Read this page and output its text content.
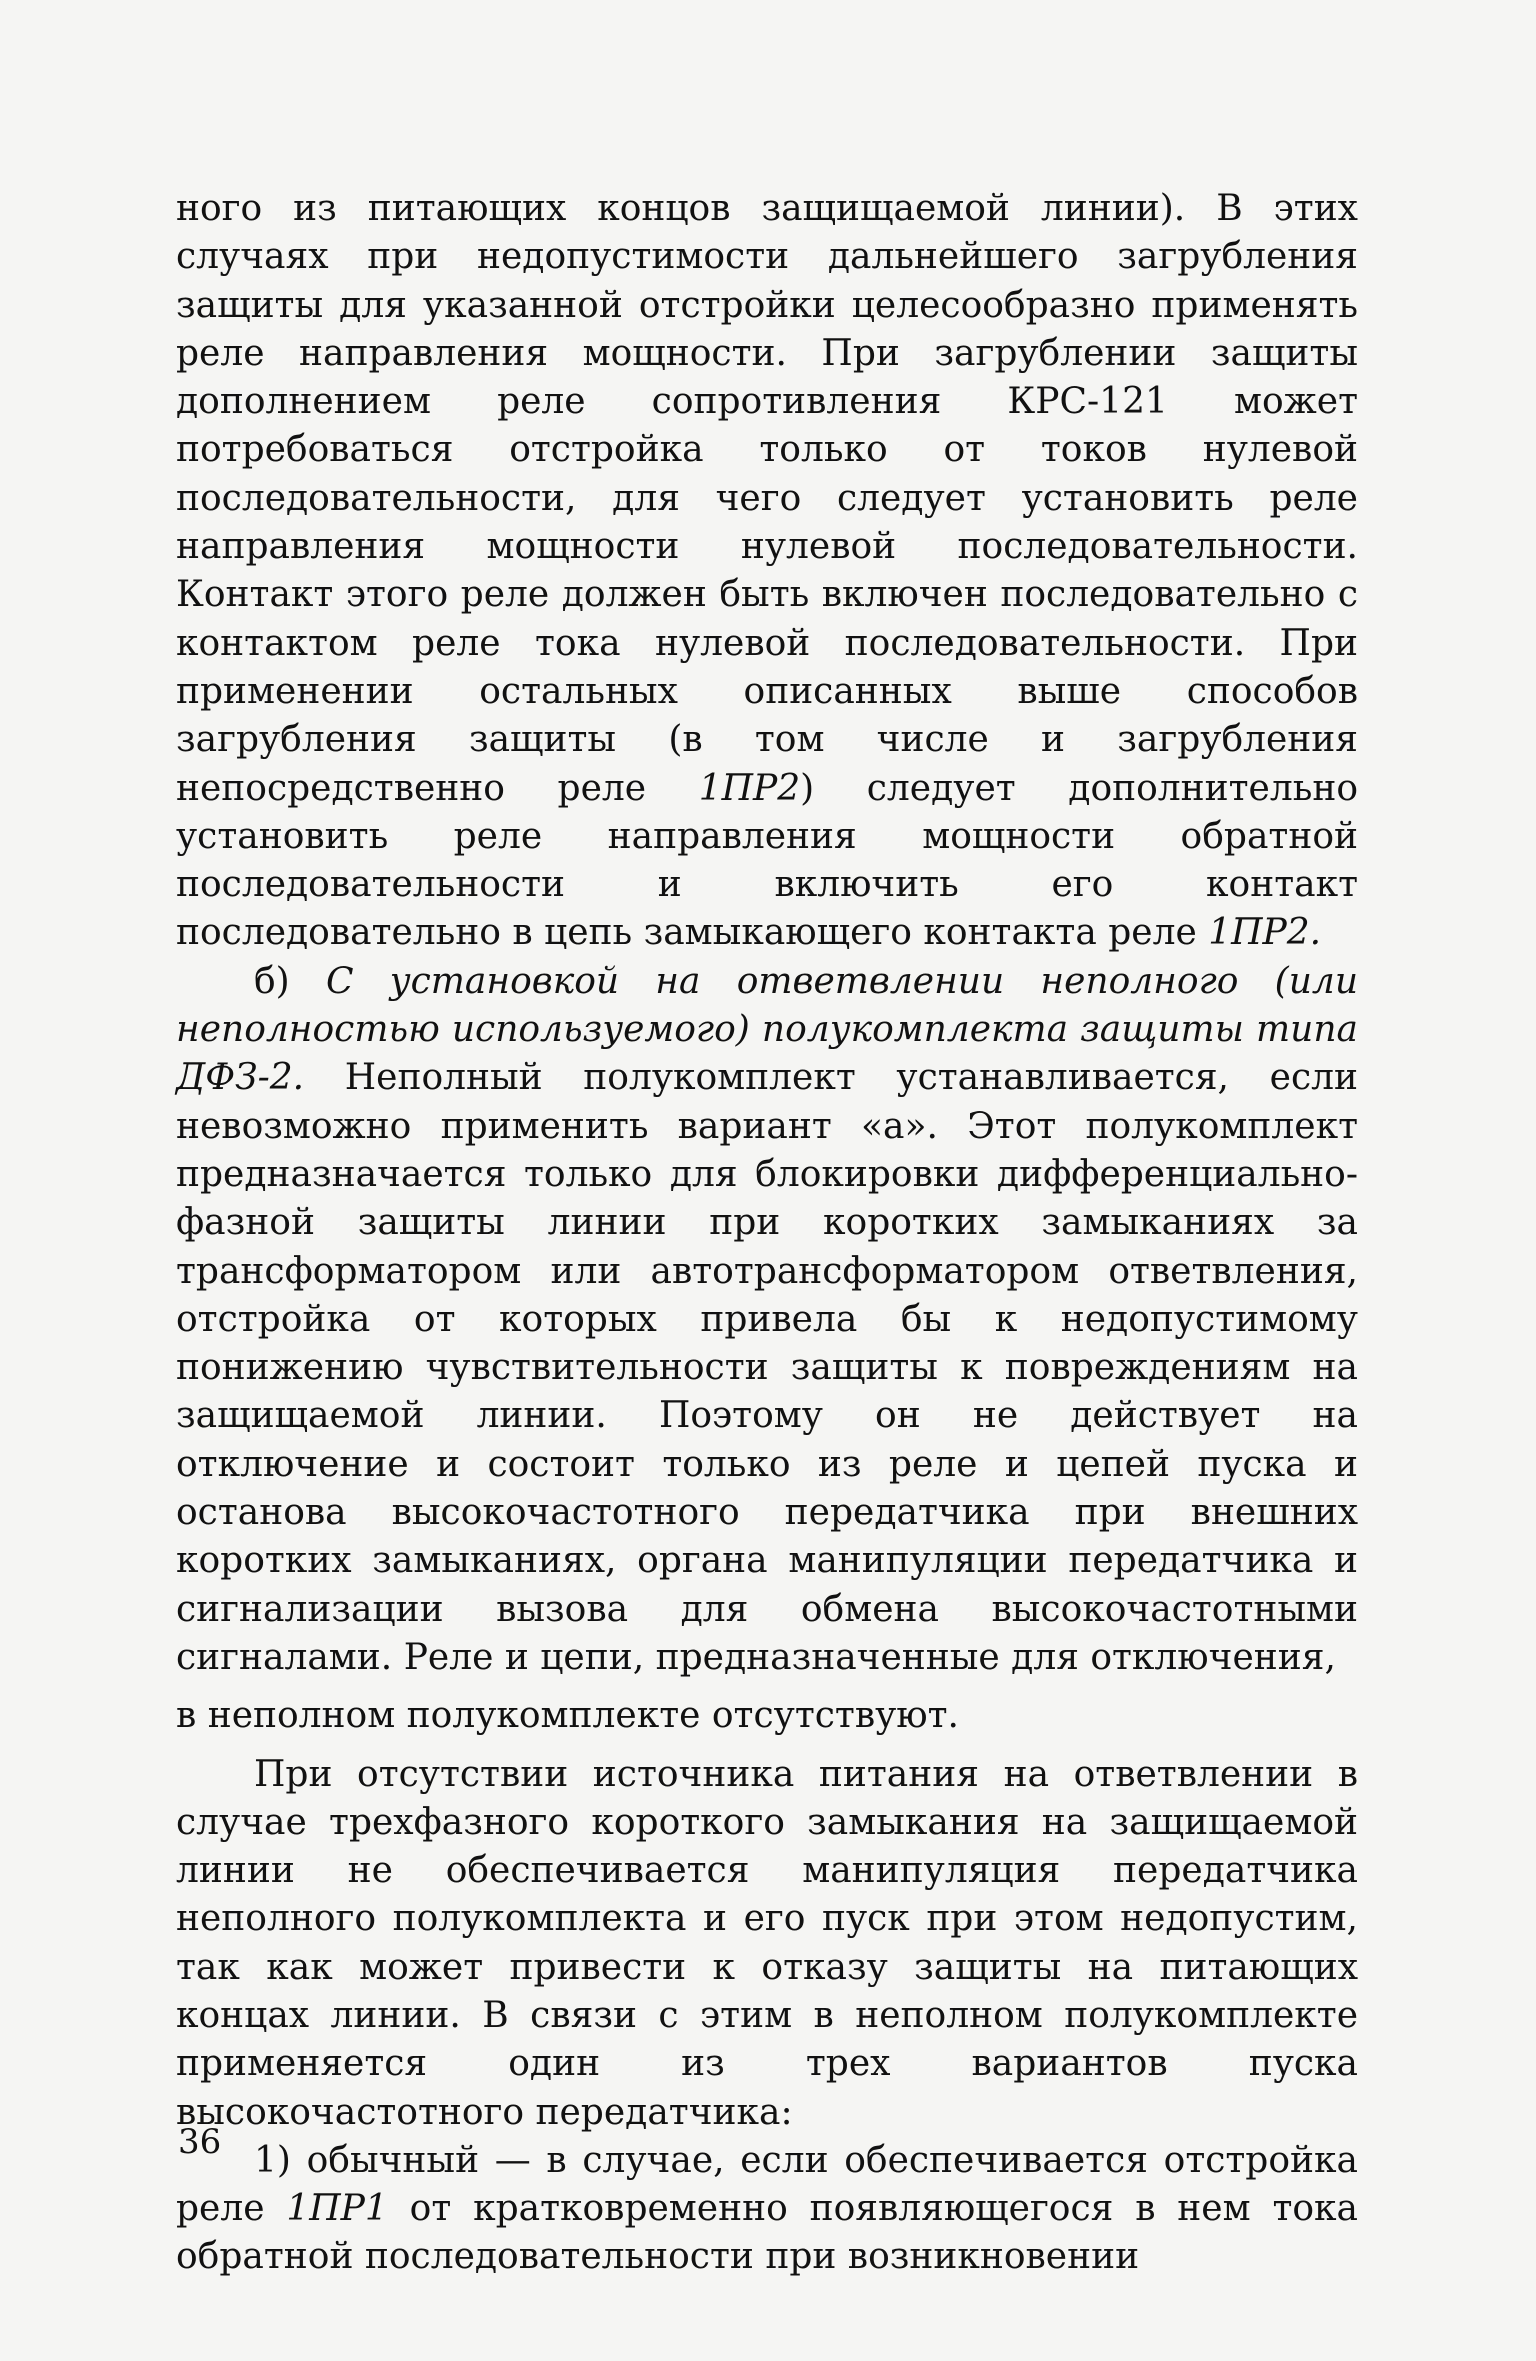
ного из питающих концов защищаемой линии). В этих случаях при недопустимости дальнейшего загрубления защиты для указанной отстройки целесообразно применять реле направления мощности. При загрублении защиты дополнением реле сопротивления КРС-121 может потребоваться отстройка только от токов нулевой последовательности, для чего следует установить реле направления мощности нулевой последовательности. Контакт этого реле должен быть включен последовательно с контактом реле тока нулевой последовательности. При применении остальных описанных выше способов загрубления защиты (в том числе и загрубления непосредственно реле 1ПР2) следует дополнительно установить реле направления мощности обратной последовательности и включить его контакт последовательно в цепь замыкающего контакта реле 1ПР2.

б) С установкой на ответвлении неполного (или неполностью используемого) полукомплекта защиты типа ДФЗ-2. Неполный полукомплект устанавливается, если невозможно применить вариант «а». Этот полукомплект предназначается только для блокировки дифференциально-фазной защиты линии при коротких замыканиях за трансформатором или автотрансформатором ответвления, отстройка от которых привела бы к недопустимому понижению чувствительности защиты к повреждениям на защищаемой линии. Поэтому он не действует на отключение и состоит только из реле и цепей пуска и останова высокочастотного передатчика при внешних коротких замыканиях, органа манипуляции передатчика и сигнализации вызова для обмена высокочастотными сигналами. Реле и цепи, предназначенные для отключения,

в неполном полукомплекте отсутствуют.

При отсутствии источника питания на ответвлении в случае трехфазного короткого замыкания на защищаемой линии не обеспечивается манипуляция передатчика неполного полукомплекта и его пуск при этом недопустим, так как может привести к отказу защиты на питающих концах линии. В связи с этим в неполном полукомплекте применяется один из трех вариантов пуска высокочастотного передатчика:

1) обычный — в случае, если обеспечивается отстройка реле 1ПР1 от кратковременно появляющегося в нем тока обратной последовательности при возникновении

36
